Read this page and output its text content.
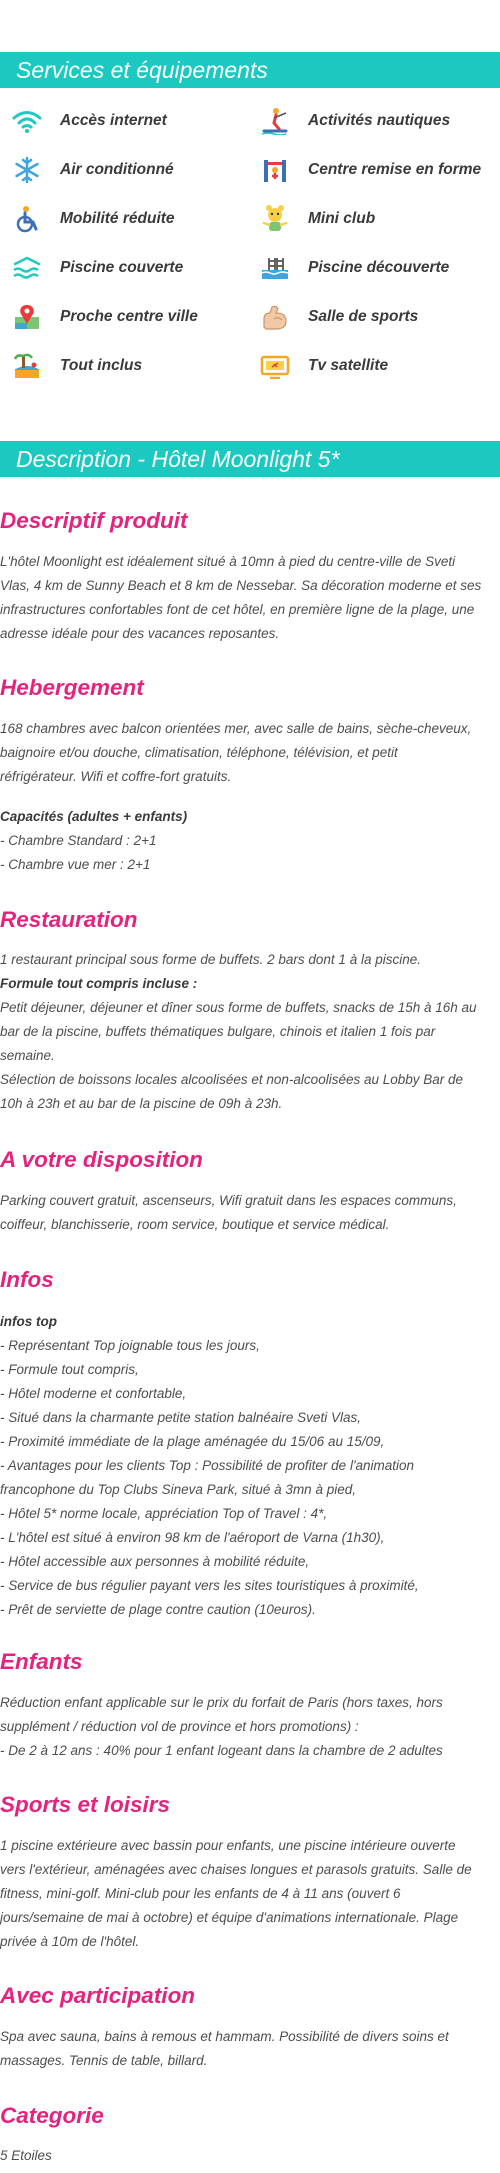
Services et équipements
Accès internet
Air conditionné
Mobilité réduite
Piscine couverte
Proche centre ville
Tout inclus
Activités nautiques
Centre remise en forme
Mini club
Piscine découverte
Salle de sports
Tv satellite
Description - Hôtel Moonlight 5*
Descriptif produit
L'hôtel Moonlight est idéalement situé à 10mn à pied du centre-ville de Sveti
Vlas, 4 km de Sunny Beach et 8 km de Nessebar. Sa décoration moderne et ses
infrastructures confortables font de cet hôtel, en première ligne de la plage, une
adresse idéale pour des vacances reposantes.
Hebergement
168 chambres avec balcon orientées mer, avec salle de bains, sèche-cheveux,
baignoire et/ou douche, climatisation, téléphone, télévision, et petit
réfrigérateur. Wifi et coffre-fort gratuits.
Capacités (adultes + enfants)
- Chambre Standard : 2+1
- Chambre vue mer : 2+1
Restauration
1 restaurant principal sous forme de buffets. 2 bars dont 1 à la piscine.
Formule tout compris incluse :
Petit déjeuner, déjeuner et dîner sous forme de buffets, snacks de 15h à 16h au
bar de la piscine, buffets thématiques bulgare, chinois et italien 1 fois par
semaine.
Sélection de boissons locales alcoolisées et non-alcoolisées au Lobby Bar de
10h à 23h et au bar de la piscine de 09h à 23h.
A votre disposition
Parking couvert gratuit, ascenseurs, Wifi gratuit dans les espaces communs,
coiffeur, blanchisserie, room service, boutique et service médical.
Infos
infos top
- Représentant Top joignable tous les jours,
- Formule tout compris,
- Hôtel moderne et confortable,
- Situé dans la charmante petite station balnéaire Sveti Vlas,
- Proximité immédiate de la plage aménagée du 15/06 au 15/09,
- Avantages pour les clients Top : Possibilité de profiter de l'animation
francophone du Top Clubs Sineva Park, situé à 3mn à pied,
- Hôtel 5* norme locale, appréciation Top of Travel : 4*,
- L'hôtel est situé à environ 98 km de l'aéroport de Varna (1h30),
- Hôtel accessible aux personnes à mobilité réduite,
- Service de bus régulier payant vers les sites touristiques à proximité,
- Prêt de serviette de plage contre caution (10euros).
Enfants
Réduction enfant applicable sur le prix du forfait de Paris (hors taxes, hors
supplément / réduction vol de province et hors promotions) :
- De 2 à 12 ans : 40% pour 1 enfant logeant dans la chambre de 2 adultes
Sports et loisirs
1 piscine extérieure avec bassin pour enfants, une piscine intérieure ouverte
vers l'extérieur, aménagées avec chaises longues et parasols gratuits. Salle de
fitness, mini-golf. Mini-club pour les enfants de 4 à 11 ans (ouvert 6
jours/semaine de mai à octobre) et équipe d'animations internationale. Plage
privée à 10m de l'hôtel.
Avec participation
Spa avec sauna, bains à remous et hammam. Possibilité de divers soins et
massages. Tennis de table, billard.
Categorie
5 Etoiles
